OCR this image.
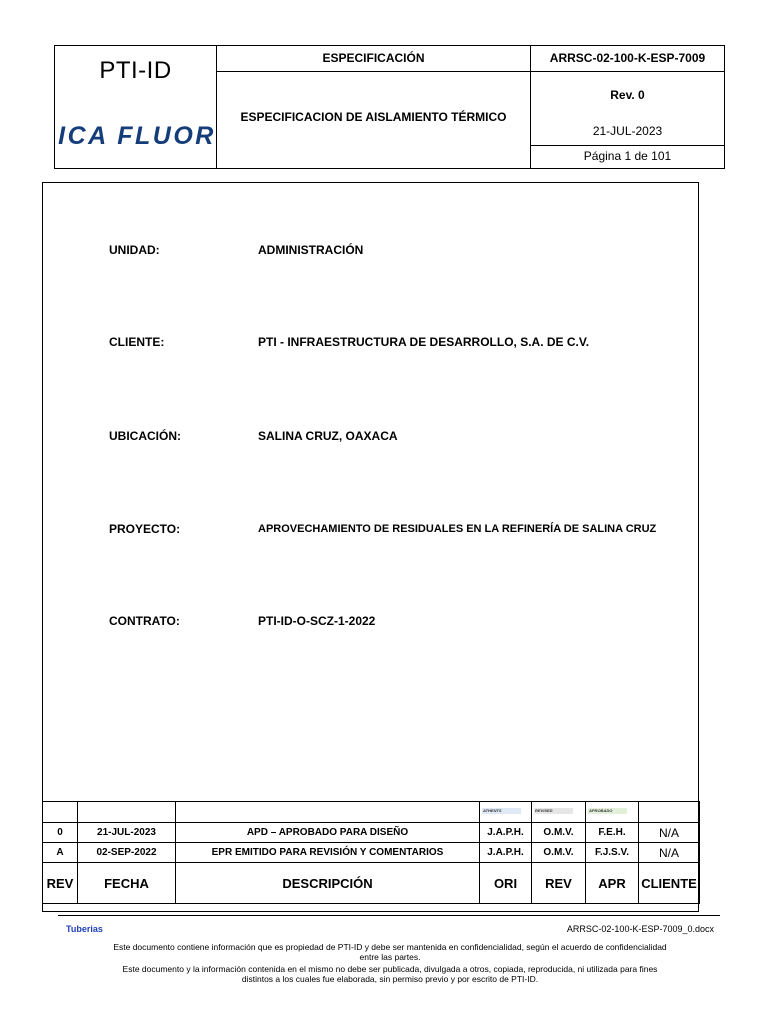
PTI-ID
ICA FLUOR
ESPECIFICACIÓN
ESPECIFICACION DE AISLAMIENTO TÉRMICO
ARRSC-02-100-K-ESP-7009
Rev. 0
21-JUL-2023
Página 1 de 101
UNIDAD:	ADMINISTRACIÓN
CLIENTE:	PTI - INFRAESTRUCTURA DE DESARROLLO, S.A. DE C.V.
UBICACIÓN:	SALINA CRUZ, OAXACA
PROYECTO:	APROVECHAMIENTO DE RESIDUALES EN LA REFINERÍA DE SALINA CRUZ
CONTRATO:	PTI-ID-O-SCZ-1-2022

			ATHENTS	REVISED	APROBADO	

0	21-JUL-2023	APD – APROBADO PARA DISEÑO	J.A.P.H.	O.M.V.	F.E.H.	N/A
A	02-SEP-2022	EPR EMITIDO PARA REVISIÓN Y COMENTARIOS	J.A.P.H.	O.M.V.	F.J.S.V.	N/A
REV	FECHA	DESCRIPCIÓN	ORI	REV	APR	CLIENTE
Tuberias	ARRSC-02-100-K-ESP-7009_0.docx
Este documento contiene información que es propiedad de PTI-ID y debe ser mantenida en confidencialidad, según el acuerdo de confidencialidad
entre las partes.
Este documento y la información contenida en el mismo no debe ser publicada, divulgada a otros, copiada, reproducida, ni utilizada para fines
distintos a los cuales fue elaborada, sin permiso previo y por escrito de PTI-ID.
